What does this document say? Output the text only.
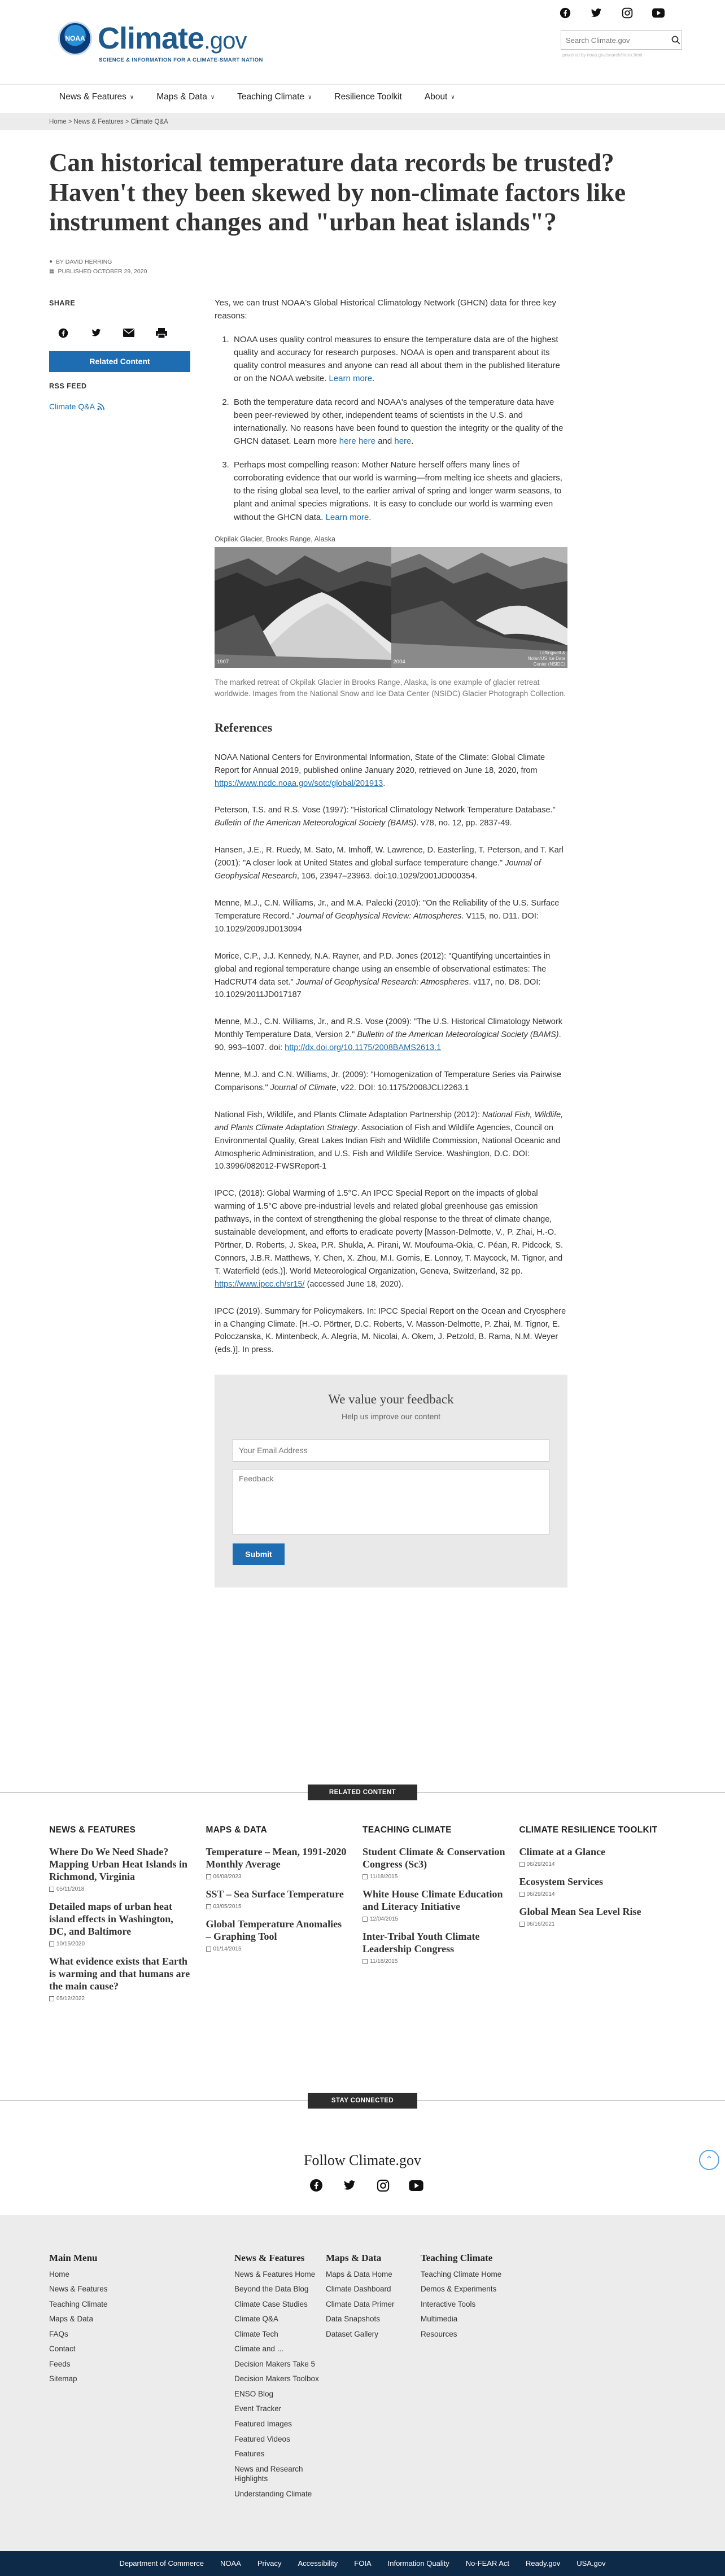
NOAA Climate.gov
SCIENCE & INFORMATION FOR A CLIMATE-SMART NATION
Search Climate.gov
powered by noaa.gov/search/index.html
News & Features ∨	Maps & Data ∨	Teaching Climate ∨	Resilience Toolkit	About ∨
Home > News & Features > Climate Q&A
Can historical temperature data records be trusted? Haven't they been skewed by non-climate factors like instrument changes and "urban heat islands"?
● BY DAVID HERRING
▦ PUBLISHED OCTOBER 29, 2020
SHARE
Related Content
RSS FEED
Climate Q&A

Yes, we can trust NOAA's Global Historical Climatology Network (GHCN) data for three key reasons:

1. NOAA uses quality control measures to ensure the temperature data are of the highest quality and accuracy for research purposes. NOAA is open and transparent about its quality control measures and anyone can read all about them in the published literature or on the NOAA website. Learn more.
2. Both the temperature data record and NOAA's analyses of the temperature data have been peer-reviewed by other, independent teams of scientists in the U.S. and internationally. No reasons have been found to question the integrity or the quality of the GHCN dataset. Learn more here here and here.
3. Perhaps most compelling reason: Mother Nature herself offers many lines of corroborating evidence that our world is warming—from melting ice sheets and glaciers, to the rising global sea level, to the earlier arrival of spring and longer warm seasons, to plant and animal species migrations. It is easy to conclude our world is warming even without the GHCN data. Learn more.
Okpilak Glacier, Brooks Range, Alaska
1907	2004
Leffingwell & Nolan/US Ice Data Center (NSIDC)
The marked retreat of Okpilak Glacier in Brooks Range, Alaska, is one example of glacier retreat worldwide. Images from the National Snow and Ice Data Center (NSIDC) Glacier Photograph Collection.
References

NOAA National Centers for Environmental Information, State of the Climate: Global Climate Report for Annual 2019, published online January 2020, retrieved on June 18, 2020, from https://www.ncdc.noaa.gov/sotc/global/201913.

Peterson, T.S. and R.S. Vose (1997): "Historical Climatology Network Temperature Database." Bulletin of the American Meteorological Society (BAMS). v78, no. 12, pp. 2837-49.

Hansen, J.E., R. Ruedy, M. Sato, M. Imhoff, W. Lawrence, D. Easterling, T. Peterson, and T. Karl (2001): "A closer look at United States and global surface temperature change." Journal of Geophysical Research, 106, 23947–23963. doi:10.1029/2001JD000354.

Menne, M.J., C.N. Williams, Jr., and M.A. Palecki (2010): "On the Reliability of the U.S. Surface Temperature Record." Journal of Geophysical Review: Atmospheres. V115, no. D11. DOI: 10.1029/2009JD013094

Morice, C.P., J.J. Kennedy, N.A. Rayner, and P.D. Jones (2012): "Quantifying uncertainties in global and regional temperature change using an ensemble of observational estimates: The HadCRUT4 data set." Journal of Geophysical Research: Atmospheres. v117, no. D8. DOI: 10.1029/2011JD017187

Menne, M.J., C.N. Williams, Jr., and R.S. Vose (2009): "The U.S. Historical Climatology Network Monthly Temperature Data, Version 2." Bulletin of the American Meteorological Society (BAMS). 90, 993–1007. doi: http://dx.doi.org/10.1175/2008BAMS2613.1

Menne, M.J. and C.N. Williams, Jr. (2009): "Homogenization of Temperature Series via Pairwise Comparisons." Journal of Climate, v22. DOI: 10.1175/2008JCLI2263.1

National Fish, Wildlife, and Plants Climate Adaptation Partnership (2012): National Fish, Wildlife, and Plants Climate Adaptation Strategy. Association of Fish and Wildlife Agencies, Council on Environmental Quality, Great Lakes Indian Fish and Wildlife Commission, National Oceanic and Atmospheric Administration, and U.S. Fish and Wildlife Service. Washington, D.C. DOI: 10.3996/082012-FWSReport-1

IPCC, (2018): Global Warming of 1.5°C. An IPCC Special Report on the impacts of global warming of 1.5°C above pre-industrial levels and related global greenhouse gas emission pathways, in the context of strengthening the global response to the threat of climate change, sustainable development, and efforts to eradicate poverty [Masson-Delmotte, V., P. Zhai, H.-O. Pörtner, D. Roberts, J. Skea, P.R. Shukla, A. Pirani, W. Moufouma-Okia, C. Péan, R. Pidcock, S. Connors, J.B.R. Matthews, Y. Chen, X. Zhou, M.I. Gomis, E. Lonnoy, T. Maycock, M. Tignor, and T. Waterfield (eds.)]. World Meteorological Organization, Geneva, Switzerland, 32 pp. https://www.ipcc.ch/sr15/ (accessed June 18, 2020).

IPCC (2019). Summary for Policymakers. In: IPCC Special Report on the Ocean and Cryosphere in a Changing Climate. [H.-O. Pörtner, D.C. Roberts, V. Masson-Delmotte, P. Zhai, M. Tignor, E. Poloczanska, K. Mintenbeck, A. Alegría, M. Nicolai, A. Okem, J. Petzold, B. Rama, N.M. Weyer (eds.)]. In press.

We value your feedback
Help us improve our content
Your Email Address
Feedback Submit
RELATED CONTENT
NEWS & FEATURES
Where Do We Need Shade? Mapping Urban Heat Islands in Richmond, Virginia
05/11/2018
Detailed maps of urban heat island effects in Washington, DC, and Baltimore
10/15/2020
What evidence exists that Earth is warming and that humans are the main cause?
05/12/2022
MAPS & DATA
Temperature – Mean, 1991-2020 Monthly Average
06/08/2023
SST – Sea Surface Temperature
03/05/2015
Global Temperature Anomalies – Graphing Tool
01/14/2015
TEACHING CLIMATE
Student Climate & Conservation Congress (Sc3)
11/18/2015
White House Climate Education and Literacy Initiative
12/04/2015
Inter-Tribal Youth Climate Leadership Congress
11/18/2015
CLIMATE RESILIENCE TOOLKIT
Climate at a Glance
06/29/2014
Ecosystem Services
06/29/2014
Global Mean Sea Level Rise
06/16/2021
STAY CONNECTED
Follow Climate.gov	⌃
Main Menu
Home
News & Features
Teaching Climate
Maps & Data
FAQs
Contact
Feeds
Sitemap
News & Features
News & Features Home
Beyond the Data Blog
Climate Case Studies
Climate Q&A
Climate Tech
Climate and ...
Decision Makers Take 5
Decision Makers Toolbox
ENSO Blog
Event Tracker
Featured Images
Featured Videos
Features
News and Research Highlights
Understanding Climate
Maps & Data
Maps & Data Home
Climate Dashboard
Climate Data Primer
Data Snapshots
Dataset Gallery
Teaching Climate
Teaching Climate Home
Demos & Experiments
Interactive Tools
Multimedia
Resources
Department of Commerce NOAA Privacy Accessibility FOIA Information Quality No-FEAR Act Ready.gov USA.gov
